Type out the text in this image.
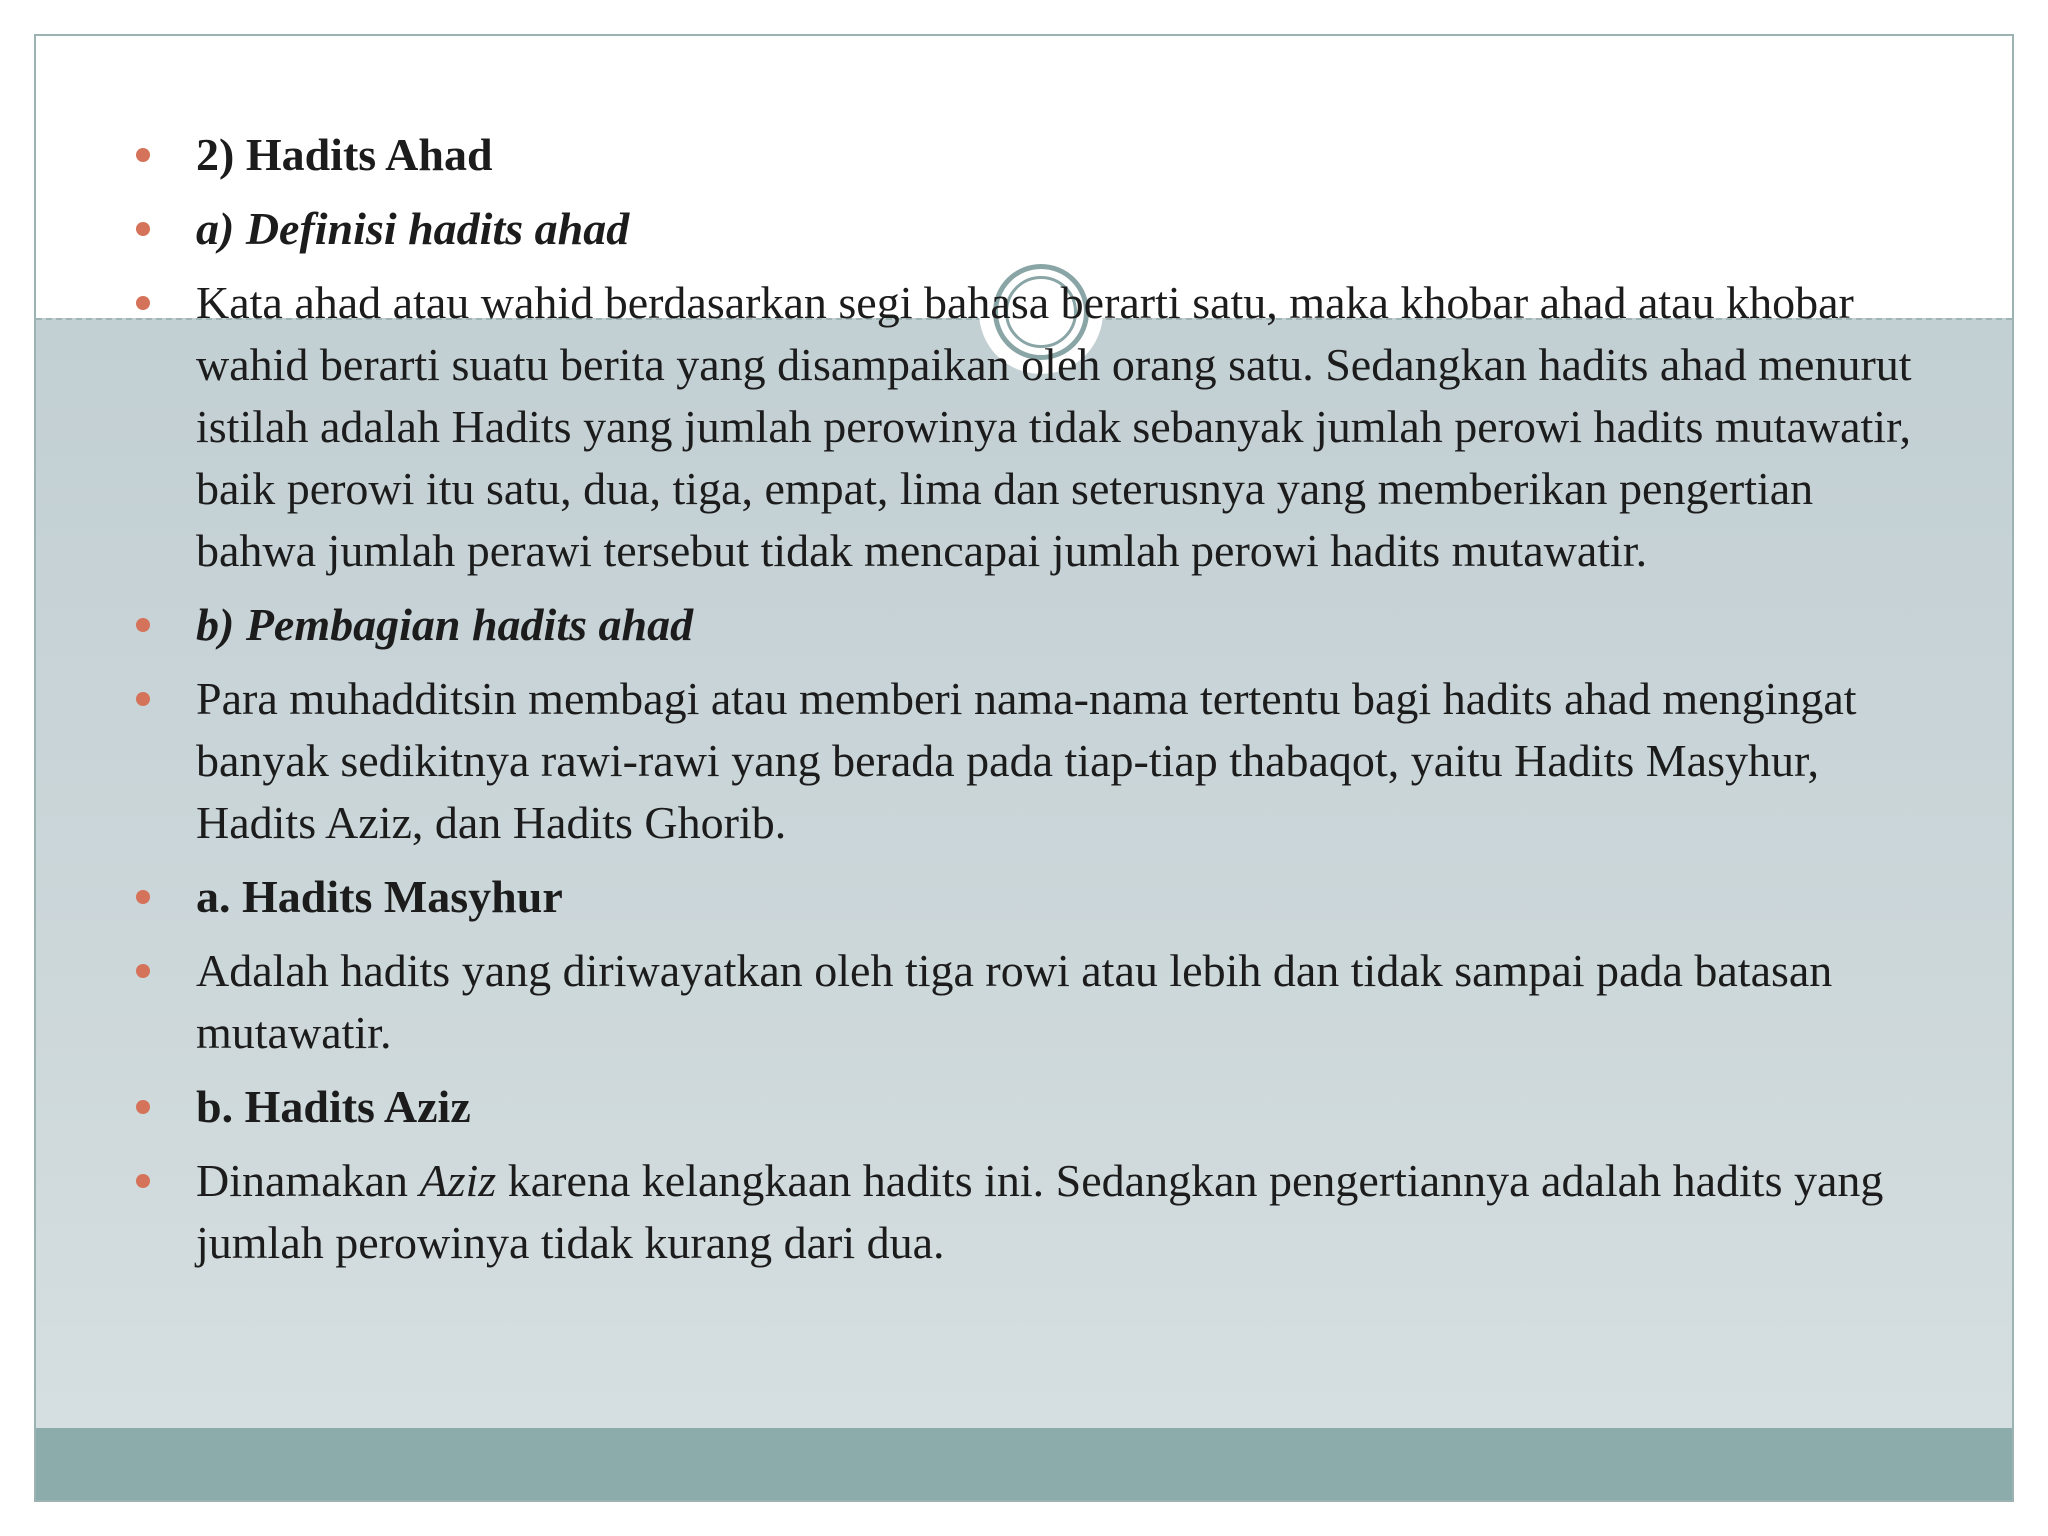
2) Hadits Ahad
a) Definisi hadits ahad
Kata ahad atau wahid berdasarkan segi bahasa berarti satu, maka khobar ahad atau khobar wahid berarti suatu berita yang disampaikan oleh orang satu. Sedangkan hadits ahad menurut istilah adalah Hadits yang jumlah perowinya tidak sebanyak jumlah perowi hadits mutawatir, baik perowi itu satu, dua, tiga, empat, lima dan seterusnya yang memberikan pengertian bahwa jumlah perawi tersebut tidak mencapai jumlah perowi hadits mutawatir.
b) Pembagian hadits ahad
Para muhadditsin membagi atau memberi nama-nama tertentu bagi hadits ahad mengingat banyak sedikitnya rawi-rawi yang berada pada tiap-tiap thabaqot, yaitu Hadits Masyhur, Hadits Aziz, dan Hadits Ghorib.
a. Hadits Masyhur
Adalah hadits yang diriwayatkan oleh tiga rowi atau lebih dan tidak sampai pada batasan mutawatir.
b. Hadits Aziz
Dinamakan Aziz karena kelangkaan hadits ini. Sedangkan pengertiannya adalah hadits yang jumlah perowinya tidak kurang dari dua.
